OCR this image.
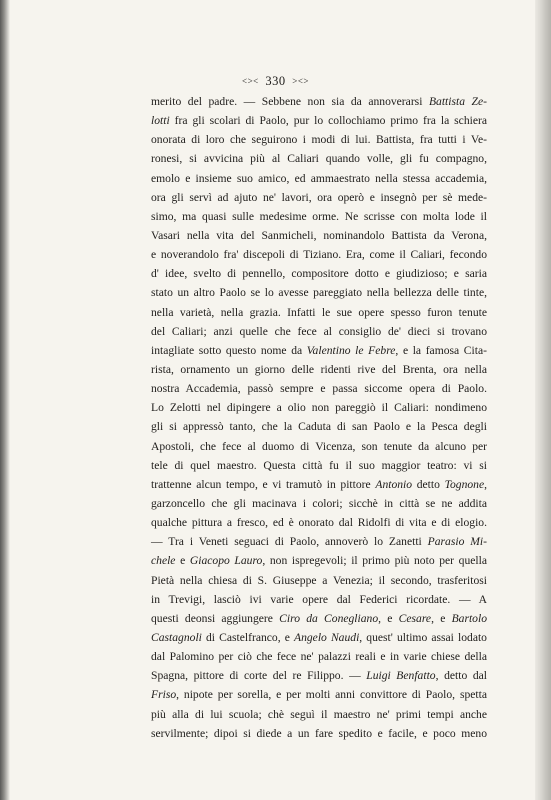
<>< 330 ><>
merito del padre. — Sebbene non sia da annoverarsi Battista Ze-
lotti fra gli scolari di Paolo, pur lo collochiamo primo fra la schiera
onorata di loro che seguirono i modi di lui. Battista, fra tutti i Ve-
ronesi, si avvicina più al Caliari quando volle, gli fu compagno,
emolo e insieme suo amico, ed ammaestrato nella stessa accademia,
ora gli servì ad ajuto ne' lavori, ora operò e insegnò per sè mede-
simo, ma quasi sulle medesime orme. Ne scrisse con molta lode il
Vasari nella vita del Sanmicheli, nominandolo Battista da Verona,
e noverandolo fra' discepoli di Tiziano. Era, come il Caliari, fecondo
d' idee, svelto di pennello, compositore dotto e giudizioso; e saria
stato un altro Paolo se lo avesse pareggiato nella bellezza delle tinte,
nella varietà, nella grazia. Infatti le sue opere spesso furon tenute
del Caliari; anzi quelle che fece al consiglio de' dieci si trovano
intagliate sotto questo nome da Valentino le Febre, e la famosa Cita-
rista, ornamento un giorno delle ridenti rive del Brenta, ora nella
nostra Accademia, passò sempre e passa siccome opera di Paolo.
Lo Zelotti nel dipingere a olio non pareggiò il Caliari: nondimeno
gli si appressò tanto, che la Caduta di san Paolo e la Pesca degli
Apostoli, che fece al duomo di Vicenza, son tenute da alcuno per
tele di quel maestro. Questa città fu il suo maggior teatro: vi si
trattenne alcun tempo, e vi tramutò in pittore Antonio detto Tognone,
garzoncello che gli macinava i colori; sicchè in città se ne addita
qualche pittura a fresco, ed è onorato dal Ridolfi di vita e di elogio.
— Tra i Veneti seguaci di Paolo, annoverò lo Zanetti Parasio Mi-
chele e Giacopo Lauro, non ispregevoli; il primo più noto per quella
Pietà nella chiesa di S. Giuseppe a Venezia; il secondo, trasferitosi
in Trevigi, lasciò ivi varie opere dal Federici ricordate. — A
questi deonsi aggiungere Ciro da Conegliano, e Cesare, e Bartolo
Castagnoli di Castelfranco, e Angelo Naudi, quest' ultimo assai lodato
dal Palomino per ciò che fece ne' palazzi reali e in varie chiese della
Spagna, pittore di corte del re Filippo. — Luigi Benfatto, detto dal
Friso, nipote per sorella, e per molti anni convittore di Paolo, spetta
più alla di lui scuola; chè seguì il maestro ne' primi tempi anche
servilmente; dipoi si diede a un fare spedito e facile, e poco meno
